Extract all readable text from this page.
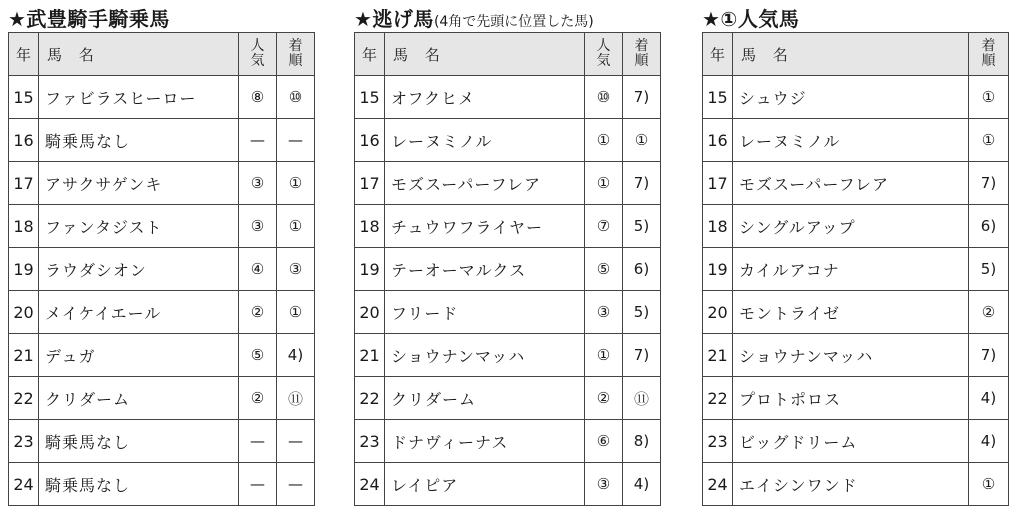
★武豊騎手騎乗馬
年	馬 名	人気	着順
15	ファビラスヒーロー	⑧	⑩
16	騎乗馬なし	—	—
17	アサクサゲンキ	③	①
18	ファンタジスト	③	①
19	ラウダシオン	④	③
20	メイケイエール	②	①
21	デュガ	⑤	4)
22	クリダーム	②	⑪
23	騎乗馬なし	—	—
24	騎乗馬なし	—	—
★逃げ馬(4角で先頭に位置した馬)
年	馬 名	人気	着順
15	オフクヒメ	⑩	7)
16	レーヌミノル	①	①
17	モズスーパーフレア	①	7)
18	チュウワフライヤー	⑦	5)
19	テーオーマルクス	⑤	6)
20	フリード	③	5)
21	ショウナンマッハ	①	7)
22	クリダーム	②	⑪
23	ドナヴィーナス	⑥	8)
24	レイピア	③	4)
★①人気馬
年	馬 名	着順
15	シュウジ	①
16	レーヌミノル	①
17	モズスーパーフレア	7)
18	シングルアップ	6)
19	カイルアコナ	5)
20	モントライゼ	②
21	ショウナンマッハ	7)
22	プロトポロス	4)
23	ビッグドリーム	4)
24	エイシンワンド	①
